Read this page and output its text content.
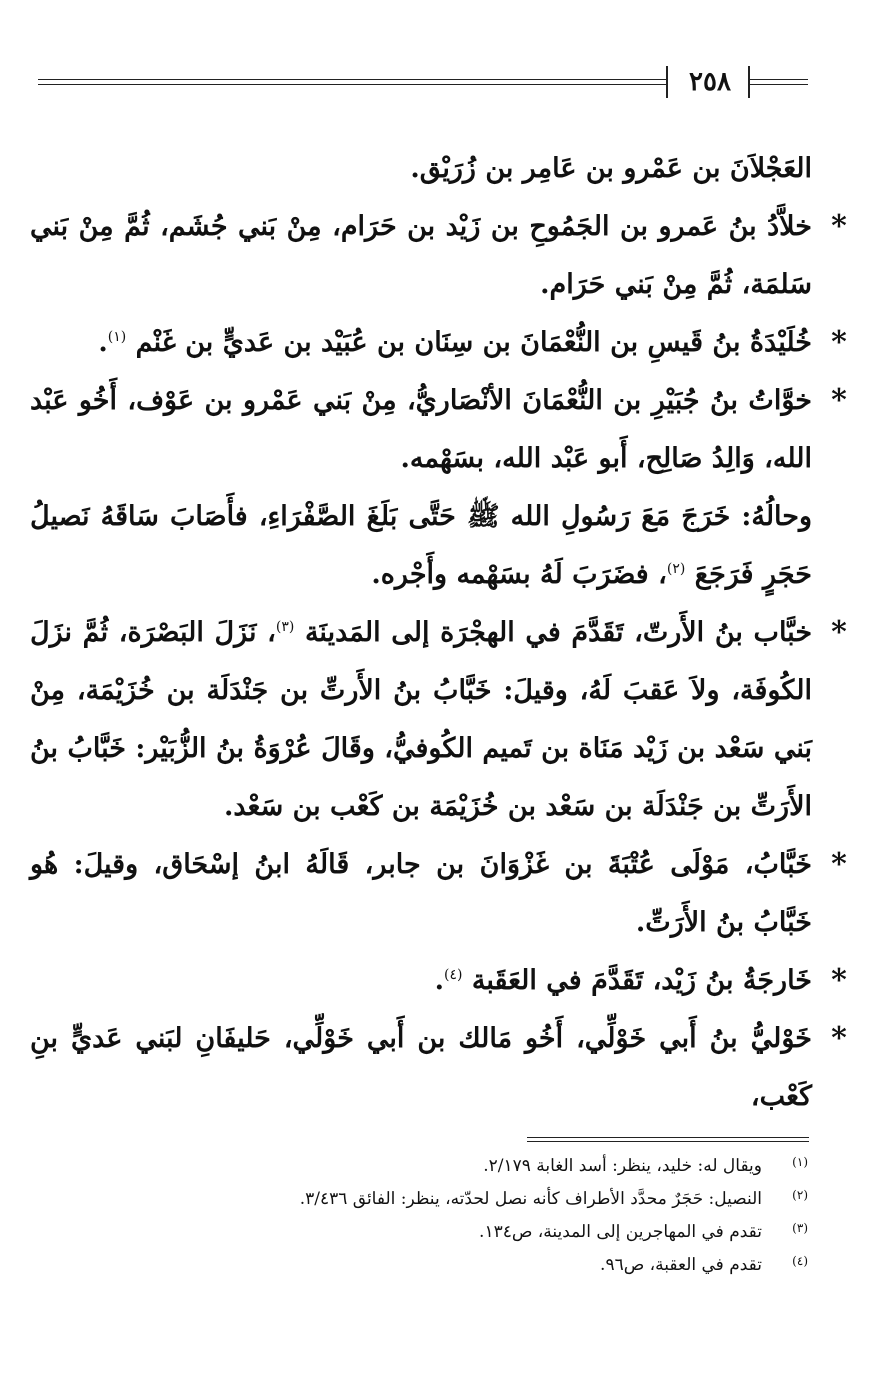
٢٥٨

العَجْلاَنَ بن عَمْرو بن عَامِر بن زُرَيْق.

*
خلاَّدُ بنُ عَمرو بن الجَمُوحِ بن زَيْد بن حَرَام، مِنْ بَني جُشَم، ثُمَّ مِنْ بَني سَلمَة، ثُمَّ مِنْ بَني حَرَام.
*
خُلَيْدَةُ بنُ قَيسِ بن النُّعْمَانَ بن سِنَان بن عُبَيْد بن عَديٍّ بن غَنْم $^{(١)}$.
*
خوَّاتُ بنُ جُبَيْرِ بن النُّعْمَانَ الأنْصَاريُّ، مِنْ بَني عَمْرو بن عَوْف، أَخُو عَبْد الله، وَالِدُ صَالِح، أَبو عَبْد الله، بسَهْمه.
وحالُهُ: خَرَجَ مَعَ رَسُولِ الله ﷺ حَتَّى بَلَغَ الصَّفْرَاءِ، فأَصَابَ سَاقَهُ نَصيلُ حَجَرٍ فَرَجَعَ $^{(٢)}$، فضَرَبَ لَهُ بسَهْمه وأَجْره.
*
خبَّاب بنُ الأَرتّ، تَقَدَّمَ في الهجْرَة إلى المَدينَة $^{(٣)}$، نَزَلَ البَصْرَة، ثُمَّ نزَلَ الكُوفَة، ولاَ عَقبَ لَهُ، وقيلَ: خَبَّابُ بنُ الأَرتِّ بن جَنْدَلَة بن خُزَيْمَة، مِنْ بَني سَعْد بن زَيْد مَنَاة بن تَميم الكُوفيُّ، وقَالَ عُرْوَةُ بنُ الزُّبَيْر: خَبَّابُ بنُ الأَرَتِّ بن جَنْدَلَة بن سَعْد بن خُزَيْمَة بن كَعْب بن سَعْد.
*
خَبَّابُ، مَوْلَى عُتْبَةَ بن غَزْوَانَ بن جابر، قَالَهُ ابنُ إسْحَاق، وقيلَ: هُو خَبَّابُ بنُ الأَرَتِّ.
*
خَارجَةُ بنُ زَيْد، تَقَدَّمَ في العَقَبة $^{(٤)}$.
*
خَوْليُّ بنُ أَبي خَوْلِّي، أَخُو مَالك بن أَبي خَوْلِّي، حَليفَانِ لبَني عَديٍّ بنِ كَعْب،

(١)
ويقال له: خليد، ينظر: أسد الغابة ٢/١٧٩.

(٢)
النصيل: حَجَرٌ محدَّد الأطراف كأنه نصل لحدّته، ينظر: الفائق ٣/٤٣٦.

(٣)
تقدم في المهاجرين إلى المدينة، ص١٣٤.

(٤)
تقدم في العقبة، ص٩٦.
